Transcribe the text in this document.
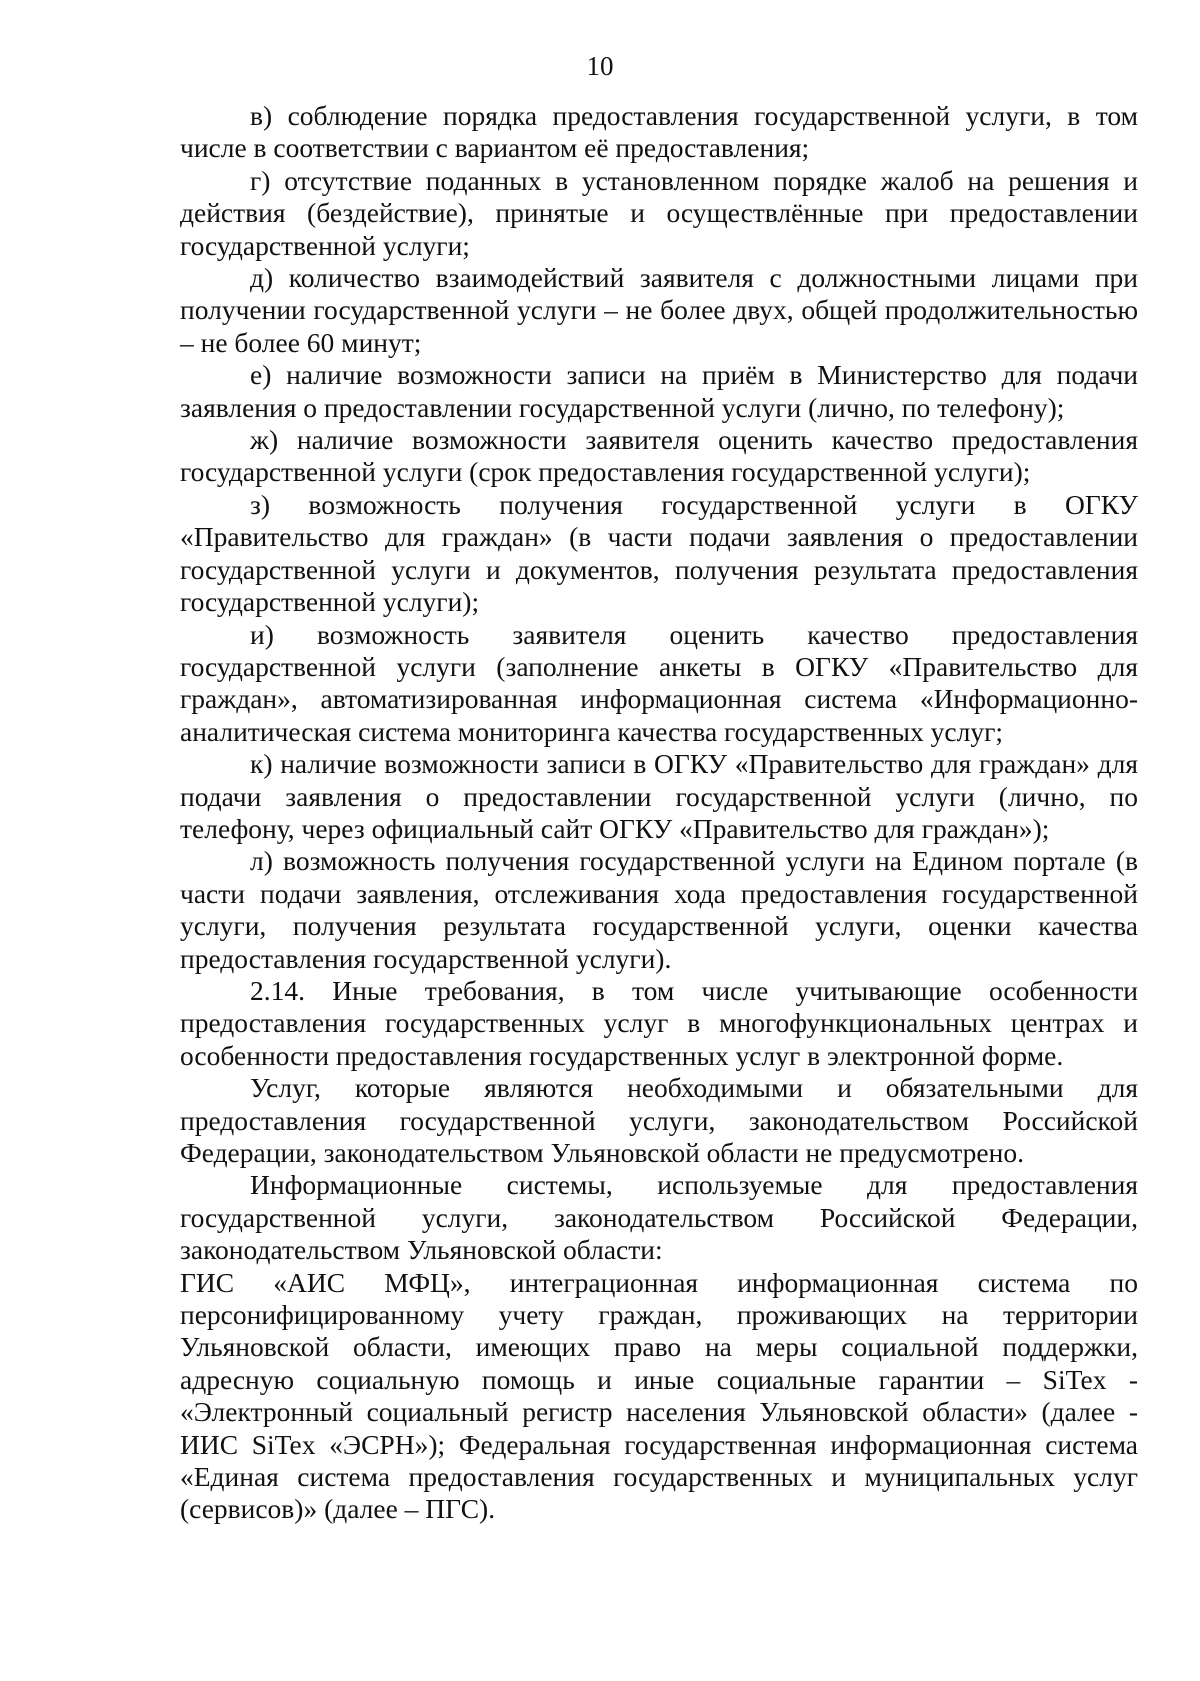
10

в) соблюдение порядка предоставления государственной услуги, в том числе в соответствии с вариантом её предоставления;

г) отсутствие поданных в установленном порядке жалоб на решения и действия (бездействие), принятые и осуществлённые при предоставлении государственной услуги;

д) количество взаимодействий заявителя с должностными лицами при получении государственной услуги – не более двух, общей продолжительностью – не более 60 минут;

е) наличие возможности записи на приём в Министерство для подачи заявления о предоставлении государственной услуги (лично, по телефону);

ж) наличие возможности заявителя оценить качество предоставления государственной услуги (срок предоставления государственной услуги);

з) возможность получения государственной услуги в ОГКУ «Правительство для граждан» (в части подачи заявления о предоставлении государственной услуги и документов, получения результата предоставления государственной услуги);

и) возможность заявителя оценить качество предоставления государственной услуги (заполнение анкеты в ОГКУ «Правительство для граждан», автоматизированная информационная система «Информационно-аналитическая система мониторинга качества государственных услуг;

к) наличие возможности записи в ОГКУ «Правительство для граждан» для подачи заявления о предоставлении государственной услуги (лично, по телефону, через официальный сайт ОГКУ «Правительство для граждан»);

л) возможность получения государственной услуги на Едином портале (в части подачи заявления, отслеживания хода предоставления государственной услуги, получения результата государственной услуги, оценки качества предоставления государственной услуги).

2.14. Иные требования, в том числе учитывающие особенности предоставления государственных услуг в многофункциональных центрах и особенности предоставления государственных услуг в электронной форме.

Услуг, которые являются необходимыми и обязательными для предоставления государственной услуги, законодательством Российской Федерации, законодательством Ульяновской области не предусмотрено.

Информационные системы, используемые для предоставления государственной услуги, законодательством Российской Федерации, законодательством Ульяновской области:

ГИС «АИС МФЦ», интеграционная информационная система по персонифицированному учету граждан, проживающих на территории Ульяновской области, имеющих право на меры социальной поддержки, адресную социальную помощь и иные социальные гарантии – SiTex - «Электронный социальный регистр населения Ульяновской области» (далее - ИИС SiTex «ЭСРН»); Федеральная государственная информационная система «Единая система предоставления государственных и муниципальных услуг (сервисов)» (далее – ПГС).
